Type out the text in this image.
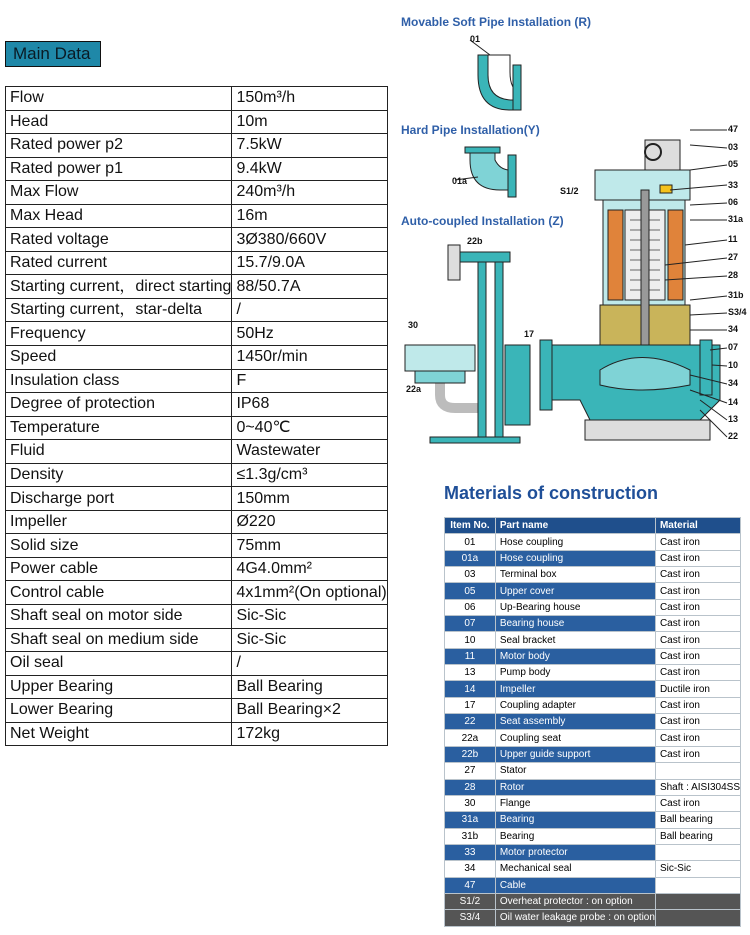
Main Data
Flow	150m³/h
Head	10m
Rated power p2	7.5kW
Rated power p1	9.4kW
Max Flow	240m³/h
Max Head	16m
Rated voltage	3Ø380/660V
Rated current	15.7/9.0A
Starting current，direct starting	88/50.7A
Starting current，star-delta	/
Frequency	50Hz
Speed	1450r/min
Insulation class	F
Degree of protection	IP68
Temperature	0~40℃
Fluid	Wastewater
Density	≤1.3g/cm³
Discharge port	150mm
Impeller	Ø220
Solid size	75mm
Power cable	4G4.0mm²
Control cable	4x1mm²(On optional)
Shaft seal on motor side	Sic-Sic
Shaft seal on medium side	Sic-Sic
Oil seal	/
Upper Bearing	Ball Bearing
Lower Bearing	Ball Bearing×2
Net Weight	172kg
Movable Soft Pipe Installation (R)
Hard Pipe Installation(Y)
Auto-coupled Installation (Z)
01
01a
S1/2
22b
30
17
22a
47
03
05
33
06
31a
11
27
28
31b
S3/4
34
07
10
34
14
13
22
Materials of construction
Item No.	Part name	Material
01	Hose coupling	Cast iron
01a	Hose coupling	Cast iron
03	Terminal box	Cast iron
05	Upper cover	Cast iron
06	Up-Bearing house	Cast iron
07	Bearing house	Cast iron
10	Seal bracket	Cast iron
11	Motor body	Cast iron
13	Pump body	Cast iron
14	Impeller	Ductile iron
17	Coupling adapter	Cast iron
22	Seat assembly	Cast iron
22a	Coupling seat	Cast iron
22b	Upper guide support	Cast iron
27	Stator	
28	Rotor	Shaft : AISI304SS
30	Flange	Cast iron
31a	Bearing	Ball bearing
31b	Bearing	Ball bearing
33	Motor protector	
34	Mechanical seal	Sic-Sic
47	Cable	
S1/2	Overheat protector : on option	
S3/4	Oil water leakage probe : on option	
